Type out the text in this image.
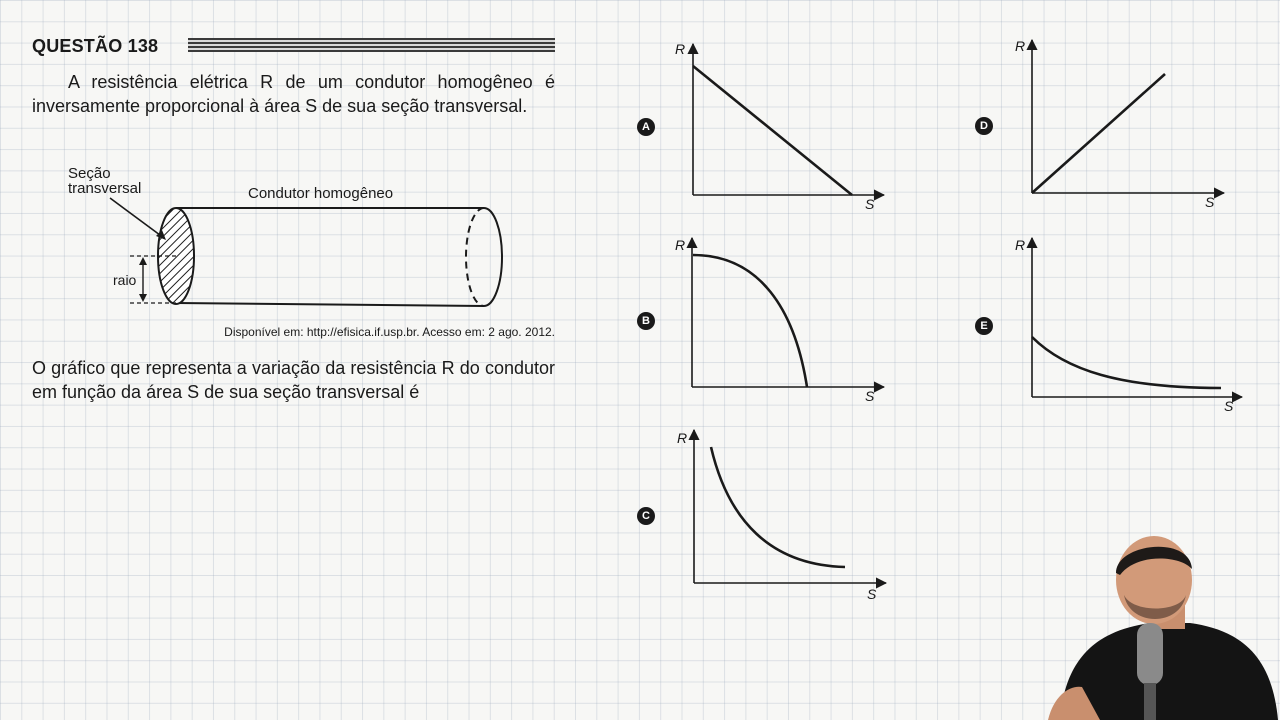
QUESTÃO 138

A resistência elétrica R de um condutor homogêneo é inversamente proporcional à área S de sua seção transversal.

Seção
transversal	Condutor homogêneo
raio
Disponível em: http://efisica.if.usp.br. Acesso em: 2 ago. 2012.

O gráfico que representa a variação da resistência R do condutor em função da área S de sua seção transversal é

R
S
R
S
R
S
R
S
R
S
A
B
C
D
E
